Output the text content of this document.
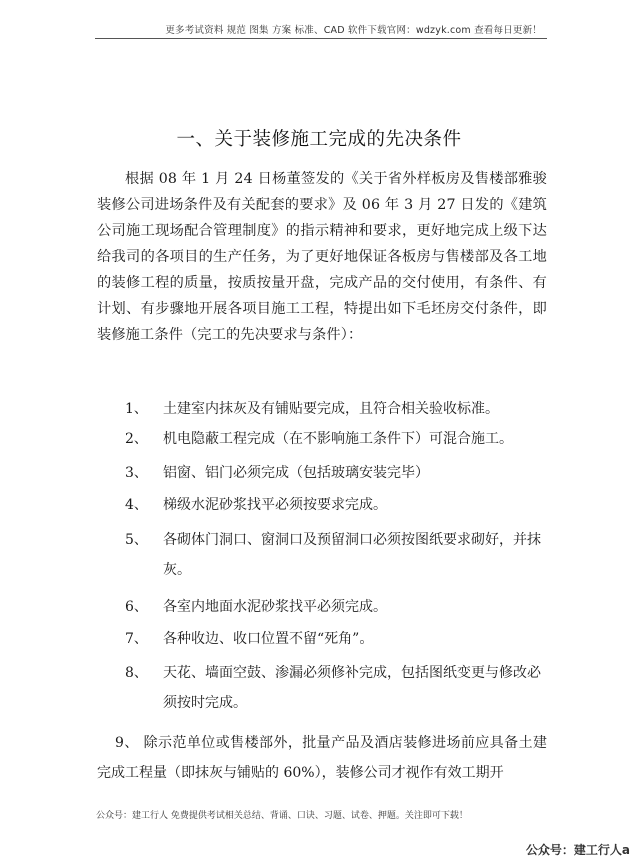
更多考试资料 规范 图集 方案 标准、CAD 软件下载官网：wdzyk.com 查看每日更新！
一、关于装修施工完成的先决条件
根据 08 年 1 月 24 日杨董签发的《关于省外样板房及售楼部雅骏装修公司进场条件及有关配套的要求》及 06 年 3 月 27 日发的《建筑公司施工现场配合管理制度》的指示精神和要求，更好地完成上级下达给我司的各项目的生产任务，为了更好地保证各板房与售楼部及各工地的装修工程的质量，按质按量开盘，完成产品的交付使用，有条件、有计划、有步骤地开展各项目施工工程，特提出如下毛坯房交付条件，即装修施工条件（完工的先决要求与条件）：
1、 土建室内抹灰及有铺贴要完成，且符合相关验收标准。
2、 机电隐蔽工程完成（在不影响施工条件下）可混合施工。
3、 铝窗、铝门必须完成（包括玻璃安装完毕）
4、 梯级水泥砂浆找平必须按要求完成。
5、 各砌体门洞口、窗洞口及预留洞口必须按图纸要求砌好，并抹灰。
6、 各室内地面水泥砂浆找平必须完成。
7、 各种收边、收口位置不留“死角”。
8、 天花、墙面空鼓、渗漏必须修补完成，包括图纸变更与修改必须按时完成。
9、 除示范单位或售楼部外，批量产品及酒店装修进场前应具备土建完成工程量（即抹灰与铺贴的 60%），装修公司才视作有效工期开
公众号：建工行人 免费提供考试相关总结、背诵、口诀、习题、试卷、押题。关注即可下载！
公众号：建工行人a
